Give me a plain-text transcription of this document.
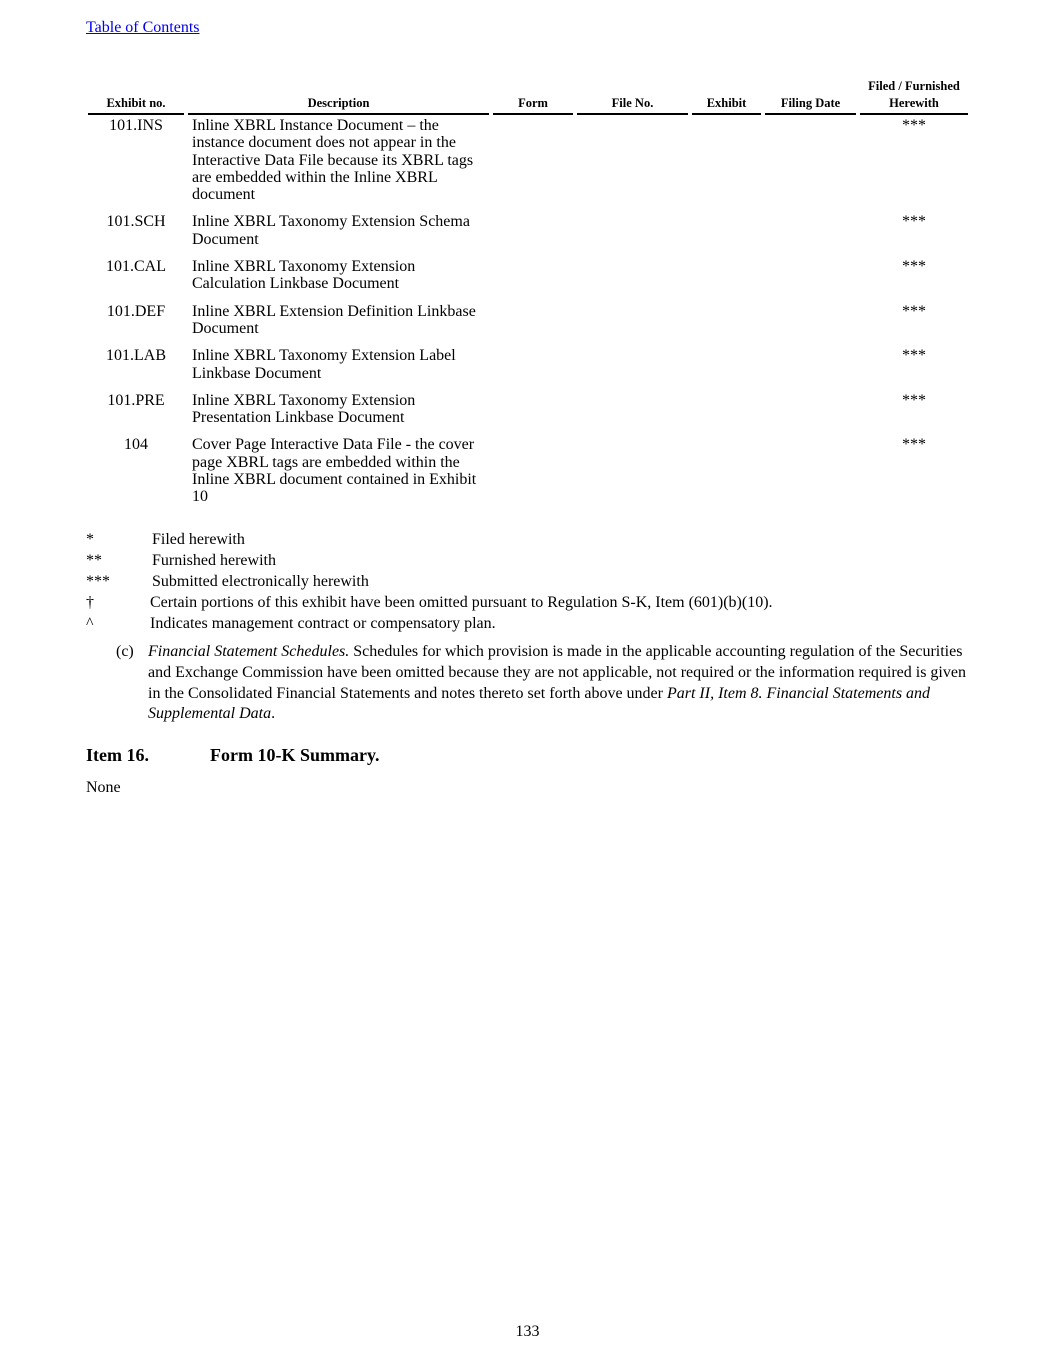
Table of Contents
Exhibit no.	Description	Form	File No.	Exhibit	Filing Date	Filed / Furnished
Herewith

101.INS	Inline XBRL Instance Document – the instance document does not appear in the Interactive Data File because its XBRL tags are embedded within the Inline XBRL document					***
101.SCH	Inline XBRL Taxonomy Extension Schema Document					***
101.CAL	Inline XBRL Taxonomy Extension Calculation Linkbase Document					***
101.DEF	Inline XBRL Extension Definition Linkbase Document					***
101.LAB	Inline XBRL Taxonomy Extension Label Linkbase Document					***
101.PRE	Inline XBRL Taxonomy Extension Presentation Linkbase Document					***
104	Cover Page Interactive Data File - the cover page XBRL tags are embedded within the Inline XBRL document contained in Exhibit 10					***
*	Filed herewith
**	Furnished herewith
***	Submitted electronically herewith
†	Certain portions of this exhibit have been omitted pursuant to Regulation S-K, Item (601)(b)(10).
^	Indicates management contract or compensatory plan.
(c) Financial Statement Schedules. Schedules for which provision is made in the applicable accounting regulation of the Securities and Exchange Commission have been omitted because they are not applicable, not required or the information required is given in the Consolidated Financial Statements and notes thereto set forth above under Part II, Item 8. Financial Statements and Supplemental Data.
Item 16.	Form 10-K Summary.
None
133
